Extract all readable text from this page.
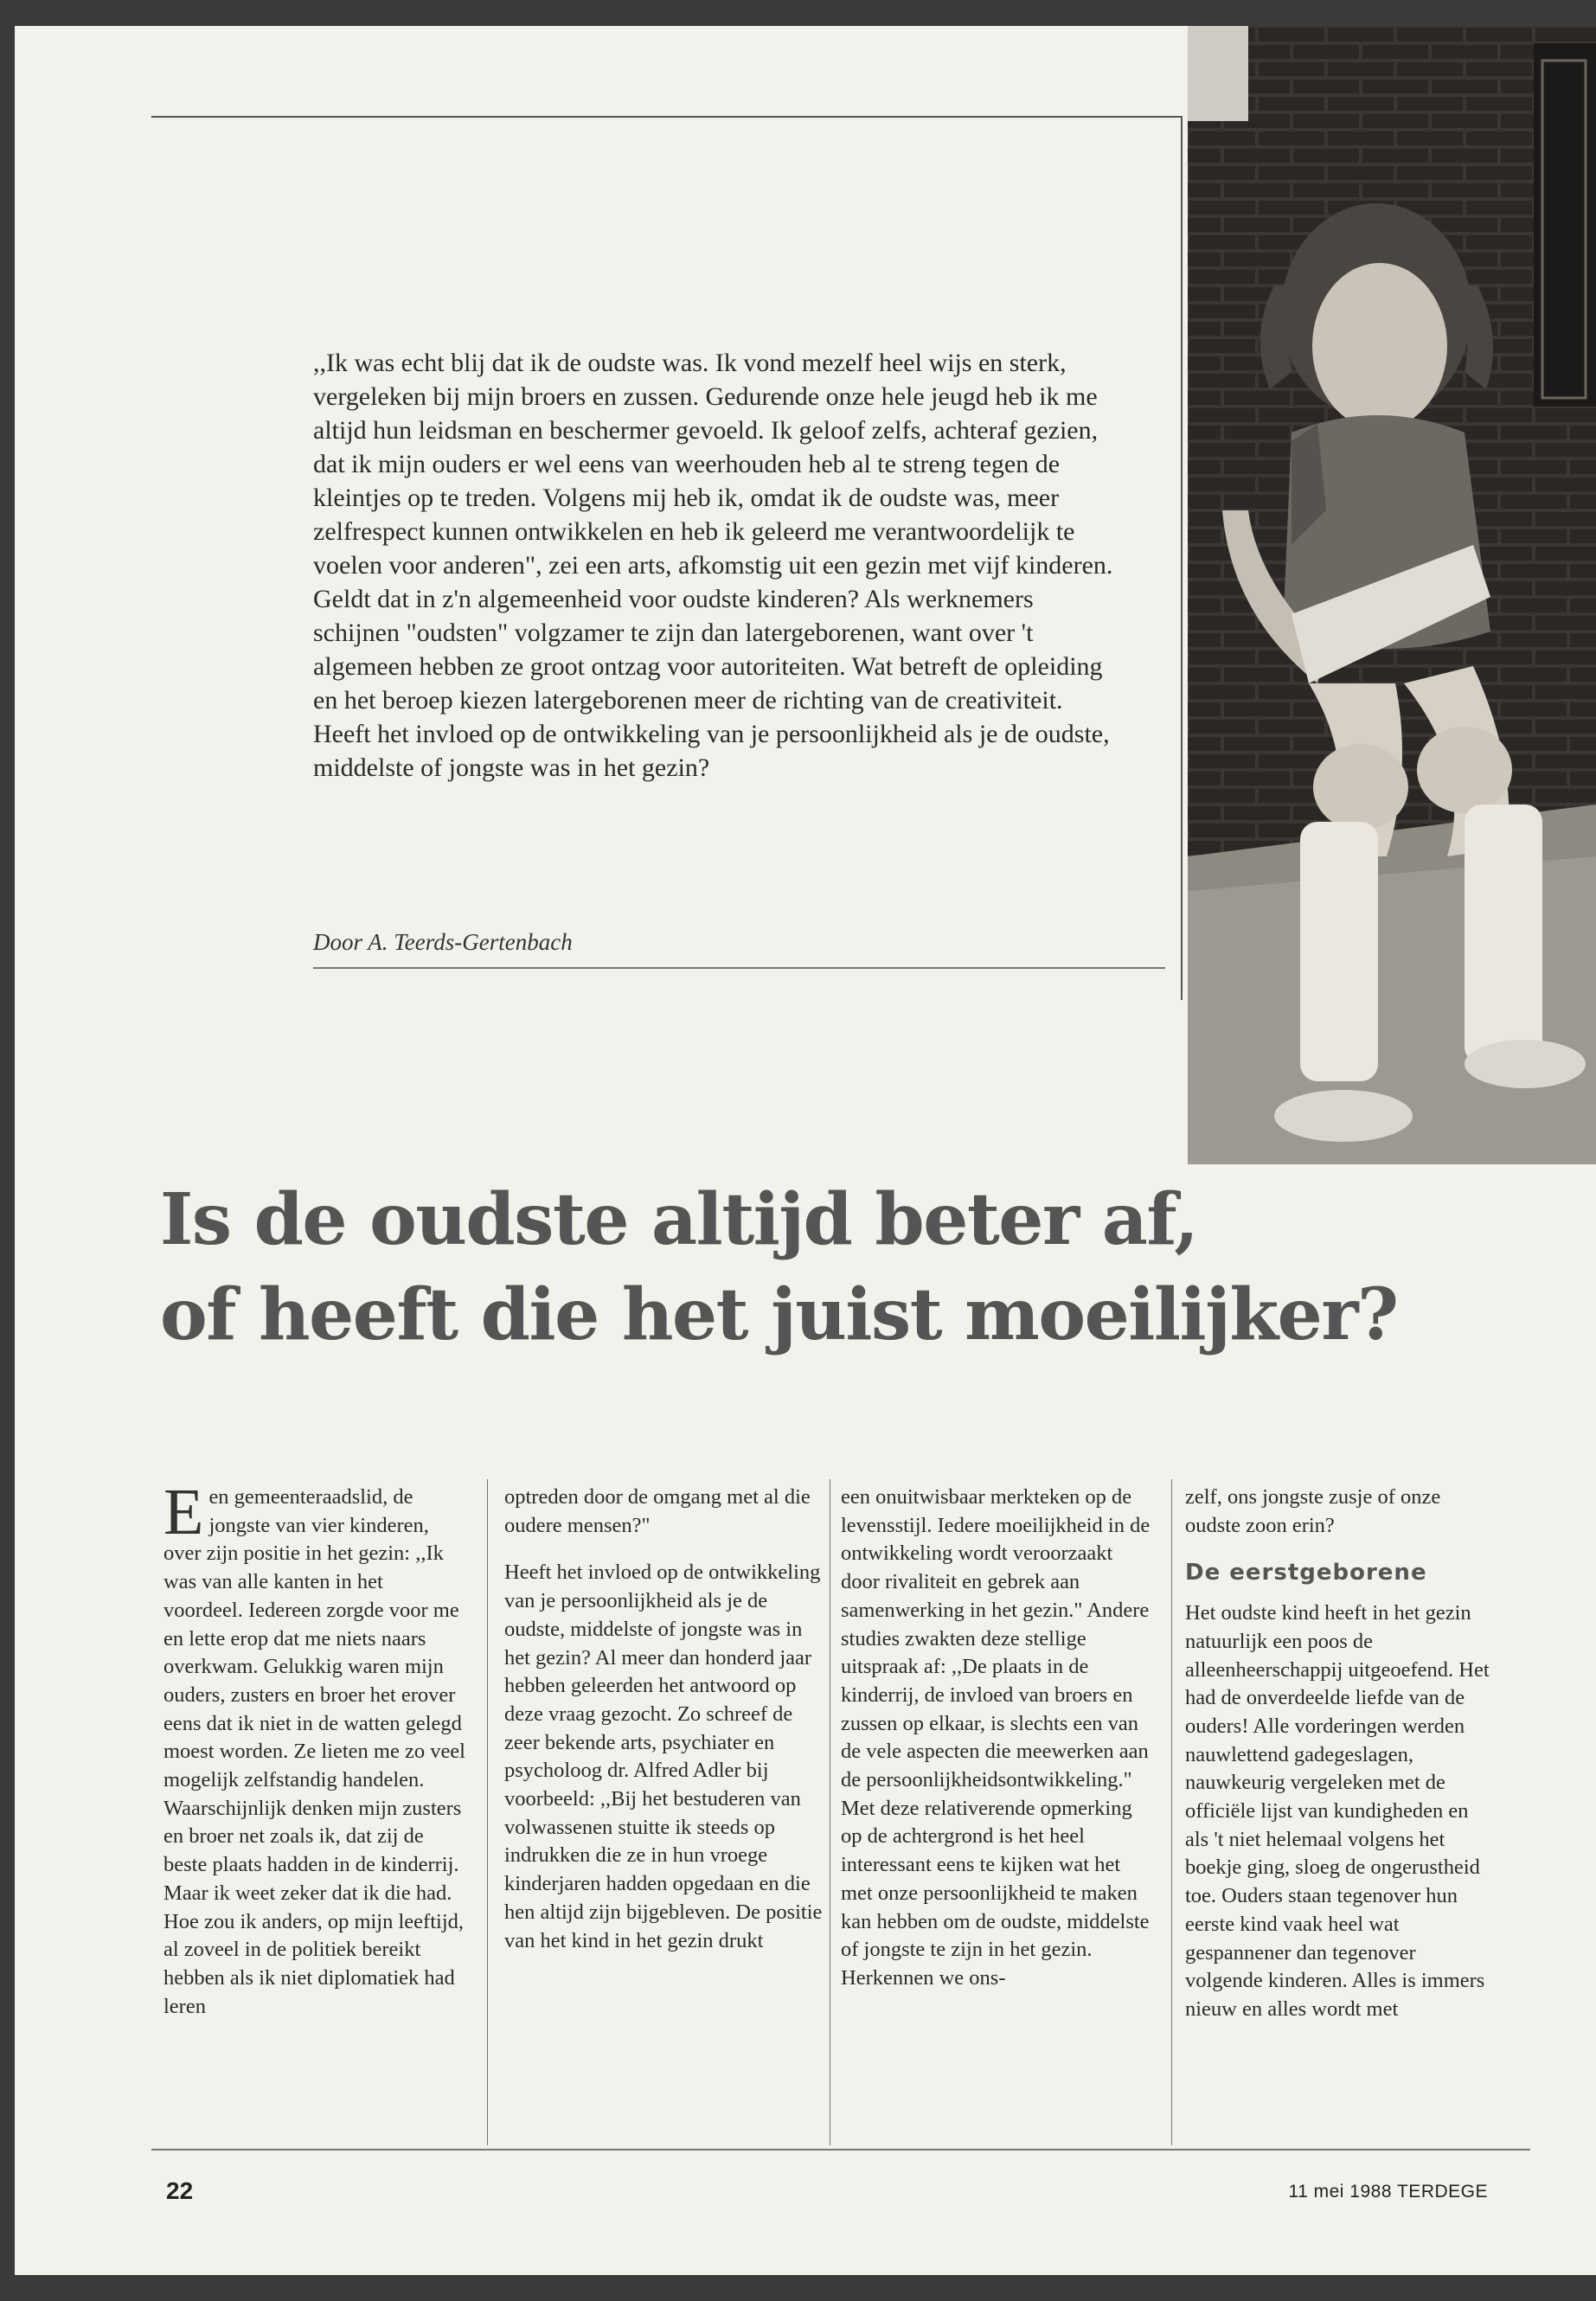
,,Ik was echt blij dat ik de oudste was. Ik vond mezelf heel wijs en sterk, vergeleken bij mijn broers en zussen. Gedurende onze hele jeugd heb ik me altijd hun leidsman en beschermer gevoeld. Ik geloof zelfs, achteraf gezien, dat ik mijn ouders er wel eens van weerhouden heb al te streng tegen de kleintjes op te treden. Volgens mij heb ik, omdat ik de oudste was, meer zelfrespect kunnen ontwikkelen en heb ik geleerd me verantwoordelijk te voelen voor anderen", zei een arts, afkomstig uit een gezin met vijf kinderen. Geldt dat in z'n algemeenheid voor oudste kinderen? Als werknemers schijnen "oudsten" volgzamer te zijn dan latergeborenen, want over 't algemeen hebben ze groot ontzag voor autoriteiten. Wat betreft de opleiding en het beroep kiezen latergeborenen meer de richting van de creativiteit. Heeft het invloed op de ontwikkeling van je persoonlijkheid als je de oudste, middelste of jongste was in het gezin?

Door A. Teerds-Gertenbach
Is de oudste altijd beter af,
of heeft die het juist moeilijker?

Een gemeenteraadslid, de jongste van vier kinderen, over zijn positie in het gezin: ,,Ik was van alle kanten in het voordeel. Iedereen zorgde voor me en lette erop dat me niets naars overkwam. Gelukkig waren mijn ouders, zusters en broer het erover eens dat ik niet in de watten gelegd moest worden. Ze lieten me zo veel mogelijk zelfstandig handelen. Waarschijnlijk denken mijn zusters en broer net zoals ik, dat zij de beste plaats hadden in de kinderrij. Maar ik weet zeker dat ik die had. Hoe zou ik anders, op mijn leeftijd, al zoveel in de politiek bereikt hebben als ik niet diplomatiek had leren

optreden door de omgang met al die oudere mensen?"

Heeft het invloed op de ontwikkeling van je persoonlijkheid als je de oudste, middelste of jongste was in het gezin? Al meer dan honderd jaar hebben geleerden het antwoord op deze vraag gezocht. Zo schreef de zeer bekende arts, psychiater en psycholoog dr. Alfred Adler bij voorbeeld: ,,Bij het bestuderen van volwassenen stuitte ik steeds op indrukken die ze in hun vroege kinderjaren hadden opgedaan en die hen altijd zijn bijgebleven. De positie van het kind in het gezin drukt

een onuitwisbaar merkteken op de levensstijl. Iedere moeilijkheid in de ontwikkeling wordt veroorzaakt door rivaliteit en gebrek aan samenwerking in het gezin." Andere studies zwakten deze stellige uitspraak af: ,,De plaats in de kinderrij, de invloed van broers en zussen op elkaar, is slechts een van de vele aspecten die meewerken aan de persoonlijkheidsontwikkeling." Met deze relativerende opmerking op de achtergrond is het heel interessant eens te kijken wat het met onze persoonlijkheid te maken kan hebben om de oudste, middelste of jongste te zijn in het gezin. Herkennen we ons-

zelf, ons jongste zusje of onze oudste zoon erin?

De eerstgeborene

Het oudste kind heeft in het gezin natuurlijk een poos de alleenheerschappij uitgeoefend. Het had de onverdeelde liefde van de ouders! Alle vorderingen werden nauwlettend gadegeslagen, nauwkeurig vergeleken met de officiële lijst van kundigheden en als 't niet helemaal volgens het boekje ging, sloeg de ongerustheid toe. Ouders staan tegenover hun eerste kind vaak heel wat gespannener dan tegenover volgende kinderen. Alles is immers nieuw en alles wordt met

22	11 mei 1988 TERDEGE
